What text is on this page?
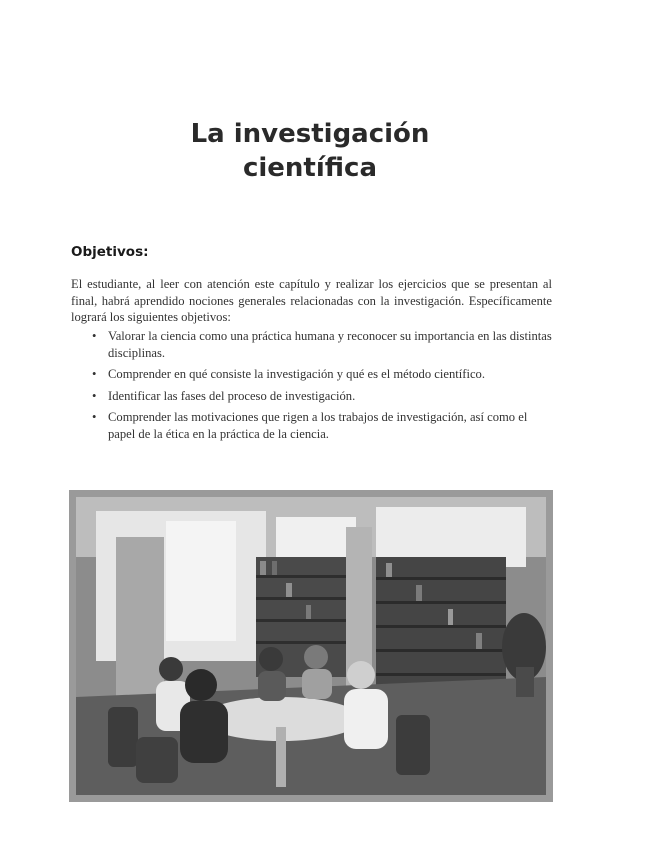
La investigación
científica
Objetivos:

El estudiante, al leer con atención este capítulo y realizar los ejercicios que se presentan al final, habrá aprendido nociones generales relacionadas con la investigación. Específicamente logrará los siguientes objetivos:

• Valorar la ciencia como una práctica humana y reconocer su importancia en las distintas disciplinas.
• Comprender en qué consiste la investigación y qué es el método científico.
• Identificar las fases del proceso de investigación.
• Comprender las motivaciones que rigen a los trabajos de investigación, así como el papel de la ética en la práctica de la ciencia.
